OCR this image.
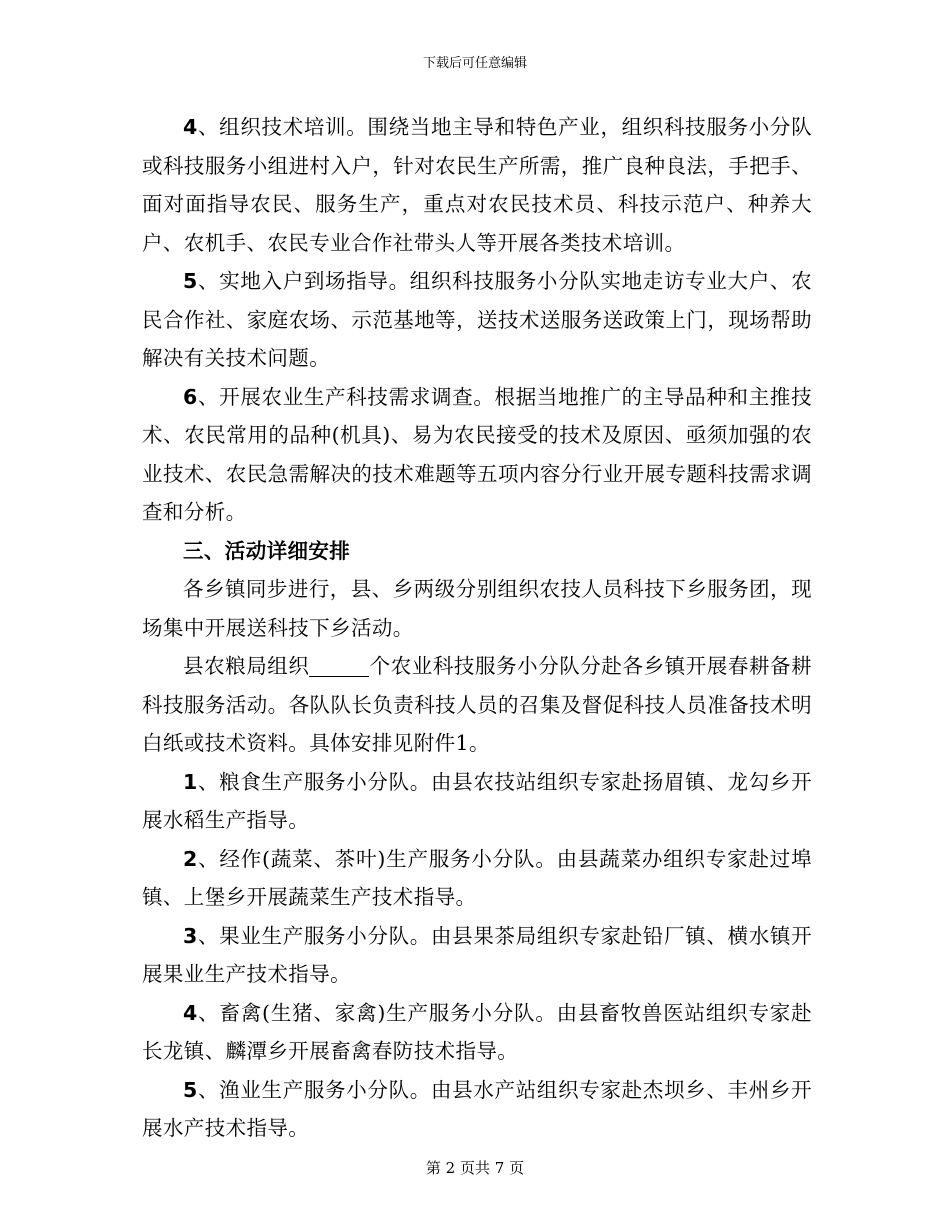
下载后可任意编辑

4、组织技术培训。围绕当地主导和特色产业，组织科技服务小分队或科技服务小组进村入户，针对农民生产所需，推广良种良法，手把手、面对面指导农民、服务生产，重点对农民技术员、科技示范户、种养大户、农机手、农民专业合作社带头人等开展各类技术培训。

5、实地入户到场指导。组织科技服务小分队实地走访专业大户、农民合作社、家庭农场、示范基地等，送技术送服务送政策上门，现场帮助解决有关技术问题。

6、开展农业生产科技需求调查。根据当地推广的主导品种和主推技术、农民常用的品种(机具)、易为农民接受的技术及原因、亟须加强的农业技术、农民急需解决的技术难题等五项内容分行业开展专题科技需求调查和分析。

三、活动详细安排

各乡镇同步进行，县、乡两级分别组织农技人员科技下乡服务团，现场集中开展送科技下乡活动。

县农粮局组织	个农业科技服务小分队分赴各乡镇开展春耕备耕科技服务活动。各队队长负责科技人员的召集及督促科技人员准备技术明白纸或技术资料。具体安排见附件1。

1、粮食生产服务小分队。由县农技站组织专家赴扬眉镇、龙勾乡开展水稻生产指导。

2、经作(蔬菜、茶叶)生产服务小分队。由县蔬菜办组织专家赴过埠镇、上堡乡开展蔬菜生产技术指导。

3、果业生产服务小分队。由县果茶局组织专家赴铅厂镇、横水镇开展果业生产技术指导。

4、畜禽(生猪、家禽)生产服务小分队。由县畜牧兽医站组织专家赴长龙镇、麟潭乡开展畜禽春防技术指导。

5、渔业生产服务小分队。由县水产站组织专家赴杰坝乡、丰州乡开展水产技术指导。

第 2 页共 7 页
